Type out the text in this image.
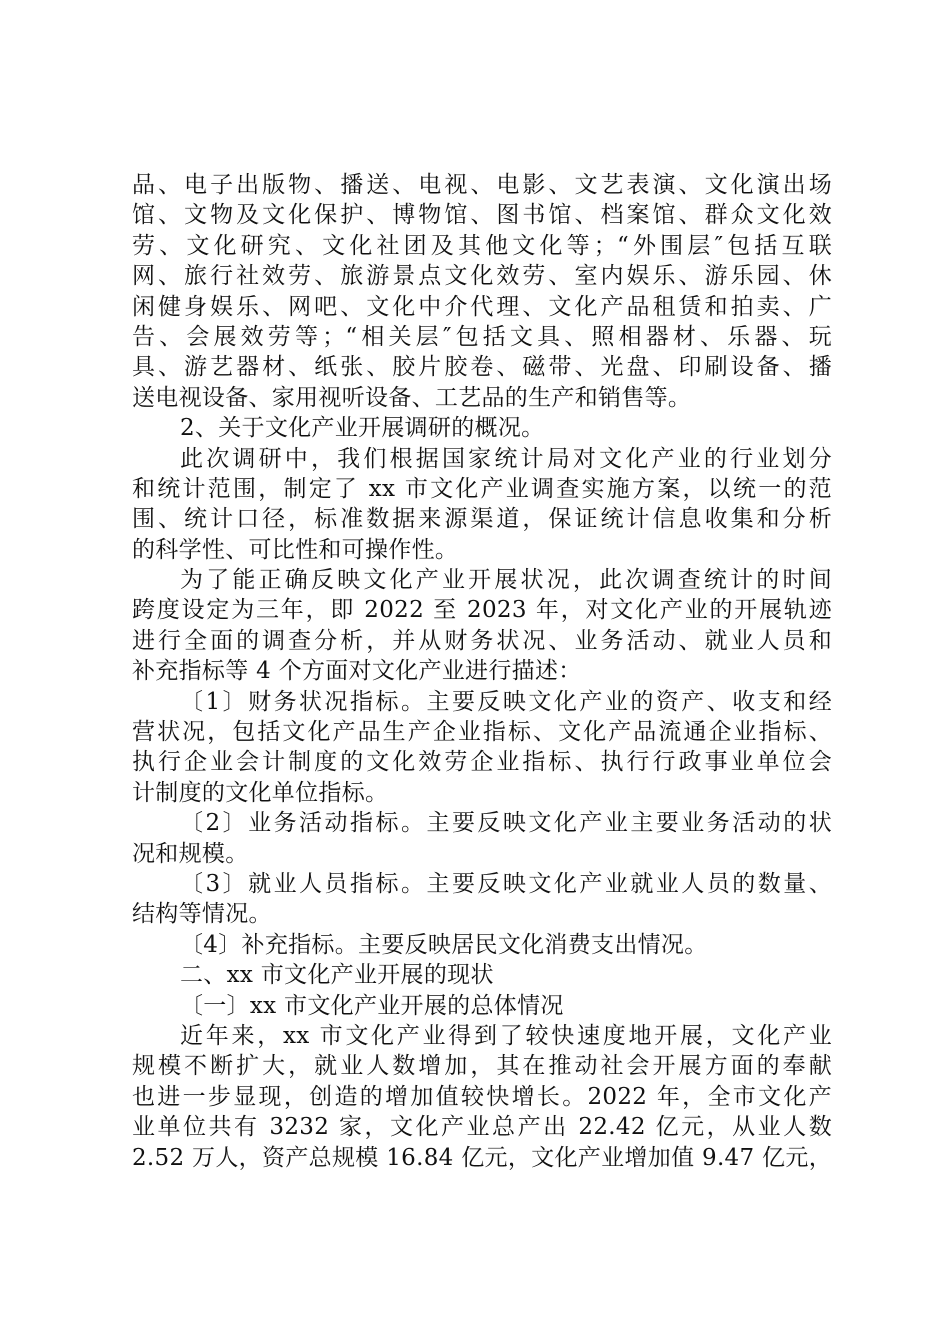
品、电子出版物、播送、电视、电影、文艺表演、文化演出场
馆、文物及文化保护、博物馆、图书馆、档案馆、群众文化效
劳、文化研究、文化社团及其他文化等；“外围层″包括互联
网、旅行社效劳、旅游景点文化效劳、室内娱乐、游乐园、休
闲健身娱乐、网吧、文化中介代理、文化产品租赁和拍卖、广
告、会展效劳等；“相关层″包括文具、照相器材、乐器、玩
具、游艺器材、纸张、胶片胶卷、磁带、光盘、印刷设备、播
送电视设备、家用视听设备、工艺品的生产和销售等。
2、关于文化产业开展调研的概况。
此次调研中，我们根据国家统计局对文化产业的行业划分
和统计范围，制定了 xx 市文化产业调查实施方案，以统一的范
围、统计口径，标准数据来源渠道，保证统计信息收集和分析
的科学性、可比性和可操作性。
为了能正确反映文化产业开展状况，此次调查统计的时间
跨度设定为三年，即 2022 至 2023 年，对文化产业的开展轨迹
进行全面的调查分析，并从财务状况、业务活动、就业人员和
补充指标等 4 个方面对文化产业进行描述：
〔1〕财务状况指标。主要反映文化产业的资产、收支和经
营状况，包括文化产品生产企业指标、文化产品流通企业指标、
执行企业会计制度的文化效劳企业指标、执行行政事业单位会
计制度的文化单位指标。
〔2〕业务活动指标。主要反映文化产业主要业务活动的状
况和规模。
〔3〕就业人员指标。主要反映文化产业就业人员的数量、
结构等情况。
〔4〕补充指标。主要反映居民文化消费支出情况。
二、xx 市文化产业开展的现状
〔一〕xx 市文化产业开展的总体情况
近年来，xx 市文化产业得到了较快速度地开展，文化产业
规模不断扩大，就业人数增加，其在推动社会开展方面的奉献
也进一步显现，创造的增加值较快增长。2022 年，全市文化产
业单位共有 3232 家，文化产业总产出 22.42 亿元，从业人数
2.52 万人，资产总规模 16.84 亿元，文化产业增加值 9.47 亿元，
